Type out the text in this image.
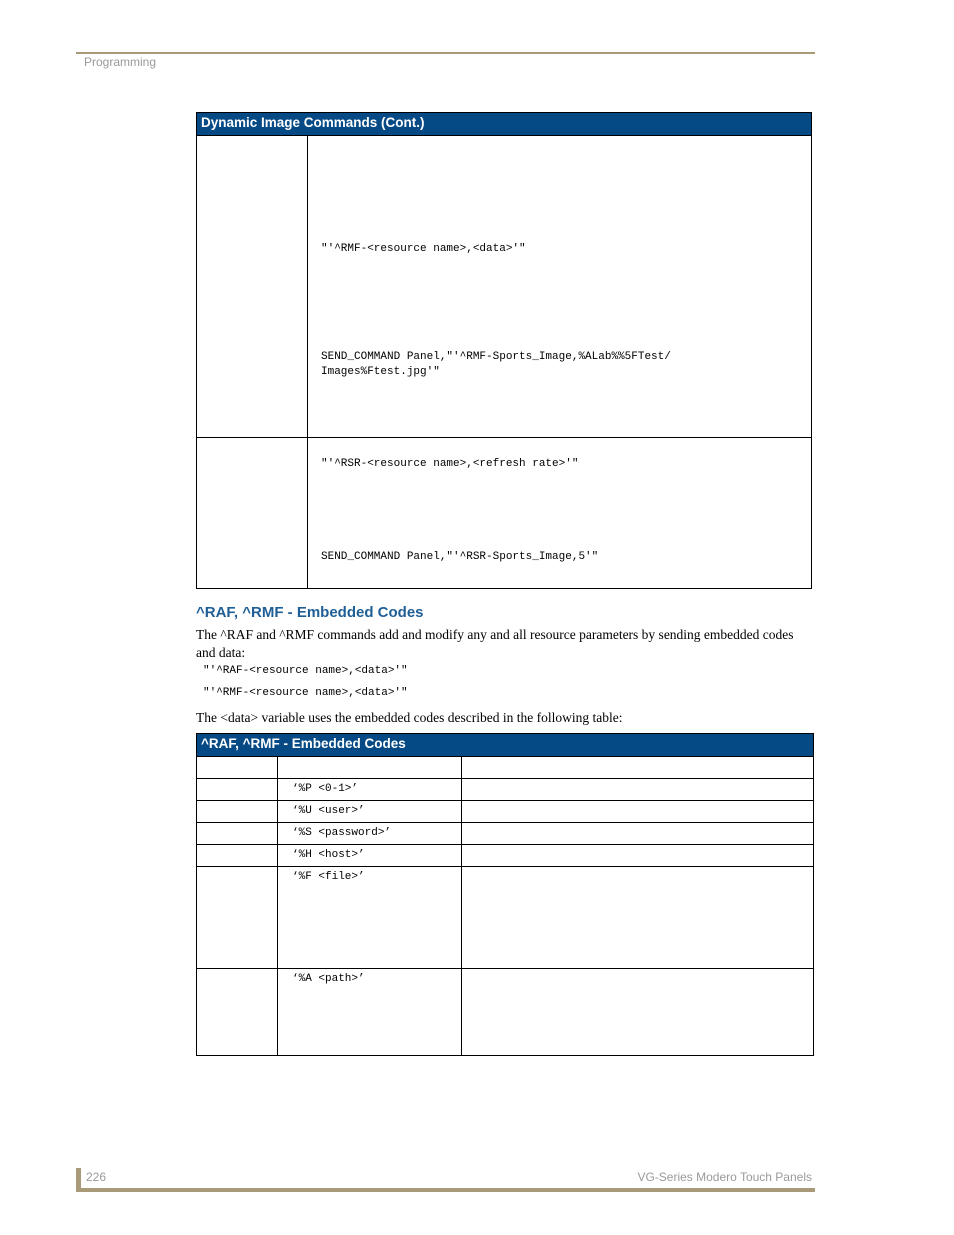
Programming
Dynamic Image Commands (Cont.)	

	"'^RMF-<resource name>,<data>'"
SEND_COMMAND Panel,"'^RMF-Sports_Image,%ALab%%5FTest/
Images%Ftest.jpg'"

	"'^RSR-<resource name>,<refresh rate>'"
SEND_COMMAND Panel,"'^RSR-Sports_Image,5'"
^RAF, ^RMF - Embedded Codes
The ^RAF and ^RMF commands add and modify any and all resource parameters by sending embedded codes and data:
"'^RAF-<resource name>,<data>'"
"'^RMF-<resource name>,<data>'"
The <data> variable uses the embedded codes described in the following table:
^RAF, ^RMF - Embedded Codes		

	‘%P <0-1>’	
	‘%U <user>’	
	‘%S <password>’	
	‘%H <host>’	
	‘%F <file>’	
	‘%A <path>’	
226	VG-Series Modero Touch Panels
